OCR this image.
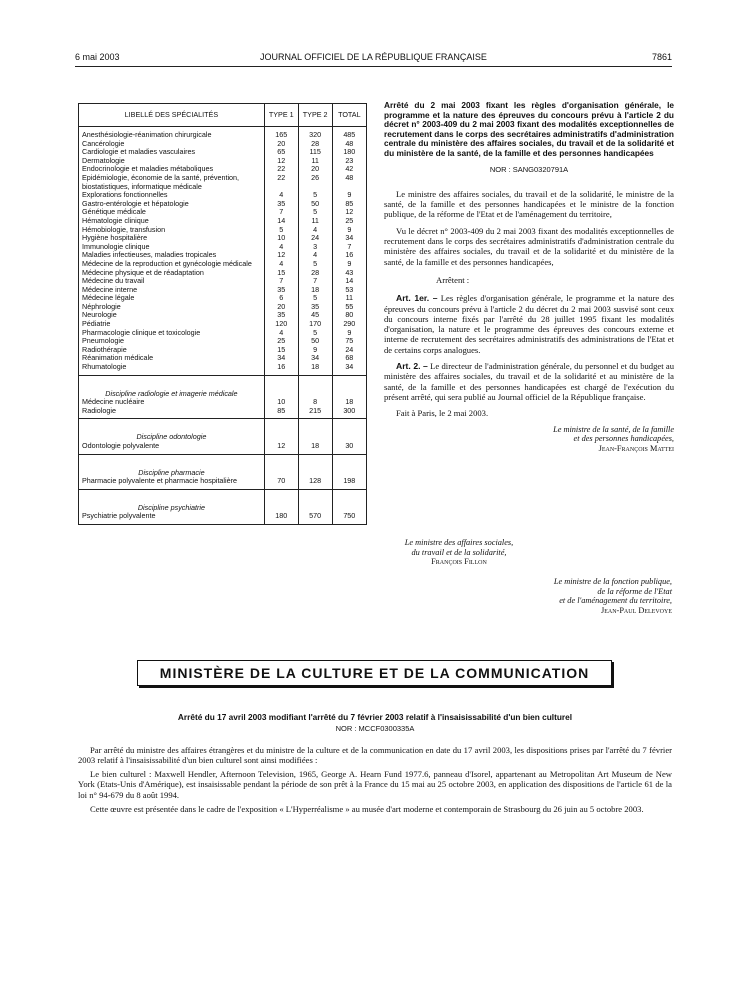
6 mai 2003	JOURNAL OFFICIEL DE LA RÉPUBLIQUE FRANÇAISE	7861
LIBELLÉ DES SPÉCIALITÉS	TYPE 1	TYPE 2	TOTAL

Anesthésiologie-réanimation chirurgicale	165	320	485
Cancérologie	20	28	48
Cardiologie et maladies vasculaires	65	115	180
Dermatologie	12	11	23
Endocrinologie et maladies métaboliques	22	20	42
Epidémiologie, économie de la santé, prévention, biostatistiques, informatique médicale	22	26	48
Explorations fonctionnelles	4	5	9
Gastro-entérologie et hépatologie	35	50	85
Génétique médicale	7	5	12
Hématologie clinique	14	11	25
Hémobiologie, transfusion	5	4	9
Hygiène hospitalière	10	24	34
Immunologie clinique	4	3	7
Maladies infectieuses, maladies tropicales	12	4	16
Médecine de la reproduction et gynécologie médicale	4	5	9
Médecine physique et de réadaptation	15	28	43
Médecine du travail	7	7	14
Médecine interne	35	18	53
Médecine légale	6	5	11
Néphrologie	20	35	55
Neurologie	35	45	80
Pédiatrie	120	170	290
Pharmacologie clinique et toxicologie	4	5	9
Pneumologie	25	50	75
Radiothérapie	15	9	24
Réanimation médicale	34	34	68
Rhumatologie	16	18	34
Discipline radiologie et imagerie médicale			
Médecine nucléaire	10	8	18
Radiologie	85	215	300
Discipline odontologie			
Odontologie polyvalente	12	18	30
Discipline pharmacie			
Pharmacie polyvalente et pharmacie hospitalière	70	128	198
Discipline psychiatrie			
Psychiatrie polyvalente	180	570	750
Arrêté du 2 mai 2003 fixant les règles d'organisation générale, le programme et la nature des épreuves du concours prévu à l'article 2 du décret n° 2003-409 du 2 mai 2003 fixant des modalités exceptionnelles de recrutement dans le corps des secrétaires administratifs d'administration centrale du ministère des affaires sociales, du travail et de la solidarité et du ministère de la santé, de la famille et des personnes handicapées
NOR : SANG0320791A

Le ministre des affaires sociales, du travail et de la solidarité, le ministre de la santé, de la famille et des personnes handicapées et le ministre de la fonction publique, de la réforme de l'Etat et de l'aménagement du territoire,

Vu le décret n° 2003-409 du 2 mai 2003 fixant des modalités exceptionnelles de recrutement dans le corps des secrétaires administratifs d'administration centrale du ministère des affaires sociales, du travail et de la solidarité et du ministère de la santé, de la famille et des personnes handicapées,

Arrêtent :

Art. 1er. – Les règles d'organisation générale, le programme et la nature des épreuves du concours prévu à l'article 2 du décret du 2 mai 2003 susvisé sont ceux du concours interne fixés par l'arrêté du 28 juillet 1995 fixant les modalités d'organisation, la nature et le programme des épreuves des concours externe et interne de recrutement des secrétaires administratifs des administrations de l'Etat et de certains corps analogues.

Art. 2. – Le directeur de l'administration générale, du personnel et du budget au ministère des affaires sociales, du travail et de la solidarité et au ministère de la santé, de la famille et des personnes handicapées est chargé de l'exécution du présent arrêté, qui sera publié au Journal officiel de la République française.

Fait à Paris, le 2 mai 2003.

Le ministre de la santé, de la famille
et des personnes handicapées,
Jean-François Mattei
Le ministre des affaires sociales,
du travail et de la solidarité,
François Fillon
Le ministre de la fonction publique,
de la réforme de l'Etat
et de l'aménagement du territoire,
Jean-Paul Delevoye
MINISTÈRE DE LA CULTURE ET DE LA COMMUNICATION
Arrêté du 17 avril 2003 modifiant l'arrêté du 7 février 2003 relatif à l'insaisissabilité d'un bien culturel
NOR : MCCF0300335A

Par arrêté du ministre des affaires étrangères et du ministre de la culture et de la communication en date du 17 avril 2003, les dispositions prises par l'arrêté du 7 février 2003 relatif à l'insaisissabilité d'un bien culturel sont ainsi modifiées :

Le bien culturel : Maxwell Hendler, Afternoon Television, 1965, George A. Hearn Fund 1977.6, panneau d'Isorel, appartenant au Metropolitan Art Museum de New York (Etats-Unis d'Amérique), est insaisissable pendant la période de son prêt à la France du 15 mai au 25 octobre 2003, en application des dispositions de l'article 61 de la loi n° 94-679 du 8 août 1994.

Cette œuvre est présentée dans le cadre de l'exposition « L'Hyperréalisme » au musée d'art moderne et contemporain de Strasbourg du 26 juin au 5 octobre 2003.
